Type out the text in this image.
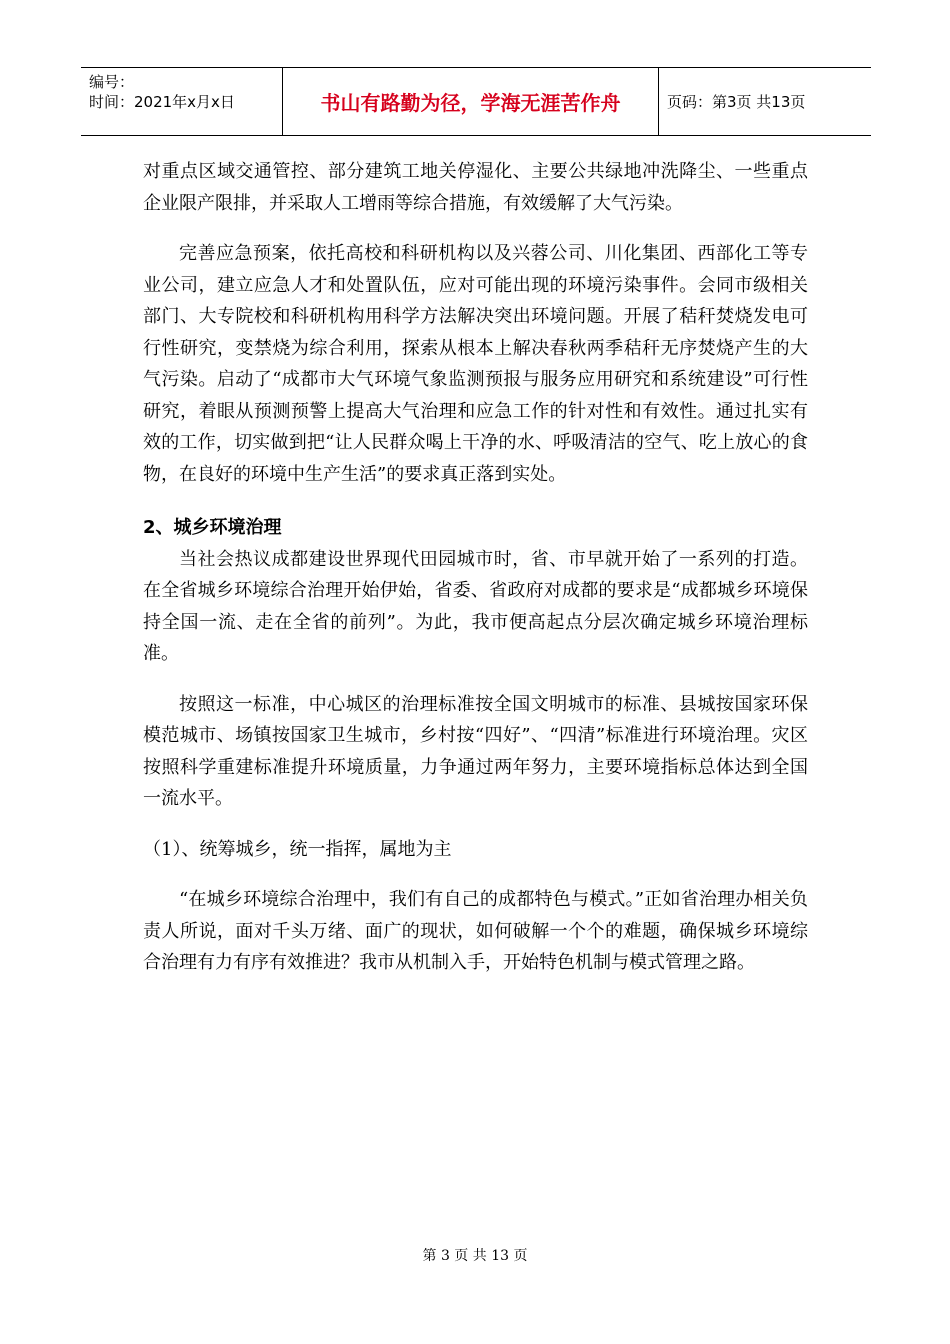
编号：
时间：2021年x月x日	书山有路勤为径，学海无涯苦作舟	页码：第3页 共13页

对重点区域交通管控、部分建筑工地关停湿化、主要公共绿地冲洗降尘、一些重点企业限产限排，并采取人工增雨等综合措施，有效缓解了大气污染。

完善应急预案，依托高校和科研机构以及兴蓉公司、川化集团、西部化工等专业公司，建立应急人才和处置队伍，应对可能出现的环境污染事件。会同市级相关部门、大专院校和科研机构用科学方法解决突出环境问题。开展了秸秆焚烧发电可行性研究，变禁烧为综合利用，探索从根本上解决春秋两季秸秆无序焚烧产生的大气污染。启动了“成都市大气环境气象监测预报与服务应用研究和系统建设”可行性研究，着眼从预测预警上提高大气治理和应急工作的针对性和有效性。通过扎实有效的工作，切实做到把“让人民群众喝上干净的水、呼吸清洁的空气、吃上放心的食物，在良好的环境中生产生活”的要求真正落到实处。

2、城乡环境治理

当社会热议成都建设世界现代田园城市时，省、市早就开始了一系列的打造。在全省城乡环境综合治理开始伊始，省委、省政府对成都的要求是“成都城乡环境保持全国一流、走在全省的前列”。为此，我市便高起点分层次确定城乡环境治理标准。

按照这一标准，中心城区的治理标准按全国文明城市的标准、县城按国家环保模范城市、场镇按国家卫生城市，乡村按“四好”、“四清”标准进行环境治理。灾区按照科学重建标准提升环境质量，力争通过两年努力，主要环境指标总体达到全国一流水平。

（1）、统筹城乡，统一指挥，属地为主

“在城乡环境综合治理中，我们有自己的成都特色与模式。”正如省治理办相关负责人所说，面对千头万绪、面广的现状，如何破解一个个的难题，确保城乡环境综合治理有力有序有效推进？我市从机制入手，开始特色机制与模式管理之路。

第 3 页 共 13 页
